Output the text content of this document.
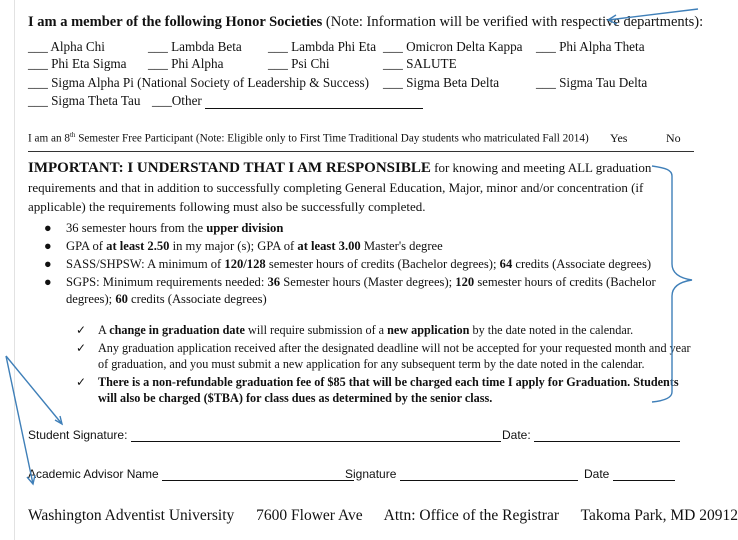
I am a member of the following Honor Societies (Note: Information will be verified with respective departments):
___ Alpha Chi	___ Lambda Beta ___ Lambda Phi Eta ___ Omicron Delta Kappa ___ Phi Alpha Theta
___ Phi Eta Sigma ___ Phi Alpha	___ Psi Chi	___ SALUTE
___ Sigma Alpha Pi (National Society of Leadership & Success) ___ Sigma Beta Delta	___ Sigma Tau Delta
___ Sigma Theta Tau ___Other
I am an 8th Semester Free Participant (Note: Eligible only to First Time Traditional Day students who matriculated Fall 2014) Yes	No
IMPORTANT: I UNDERSTAND THAT I AM RESPONSIBLE for knowing and meeting ALL graduation requirements and that in addition to successfully completing General Education, Major, minor and/or concentration (if applicable) the requirements following must also be successfully completed.
● 36 semester hours from the upper division
● GPA of at least 2.50 in my major (s); GPA of at least 3.00 Master's degree
● SASS/SHPSW: A minimum of 120/128 semester hours of credits (Bachelor degrees); 64 credits (Associate degrees)
● SGPS: Minimum requirements needed: 36 Semester hours (Master degrees); 120 semester hours of credits (Bachelor degrees); 60 credits (Associate degrees)
✓ A change in graduation date will require submission of a new application by the date noted in the calendar.
✓ Any graduation application received after the designated deadline will not be accepted for your requested month and year of graduation, and you must submit a new application for any subsequent term by the date noted in the calendar.
✓ There is a non-refundable graduation fee of $85 that will be charged each time I apply for Graduation. Students will also be charged ($TBA) for class dues as determined by the senior class.
Student Signature:	Date:
Academic Advisor Name	Signature	Date
Washington Adventist University 7600 Flower Ave Attn: Office of the Registrar Takoma Park, MD 20912
